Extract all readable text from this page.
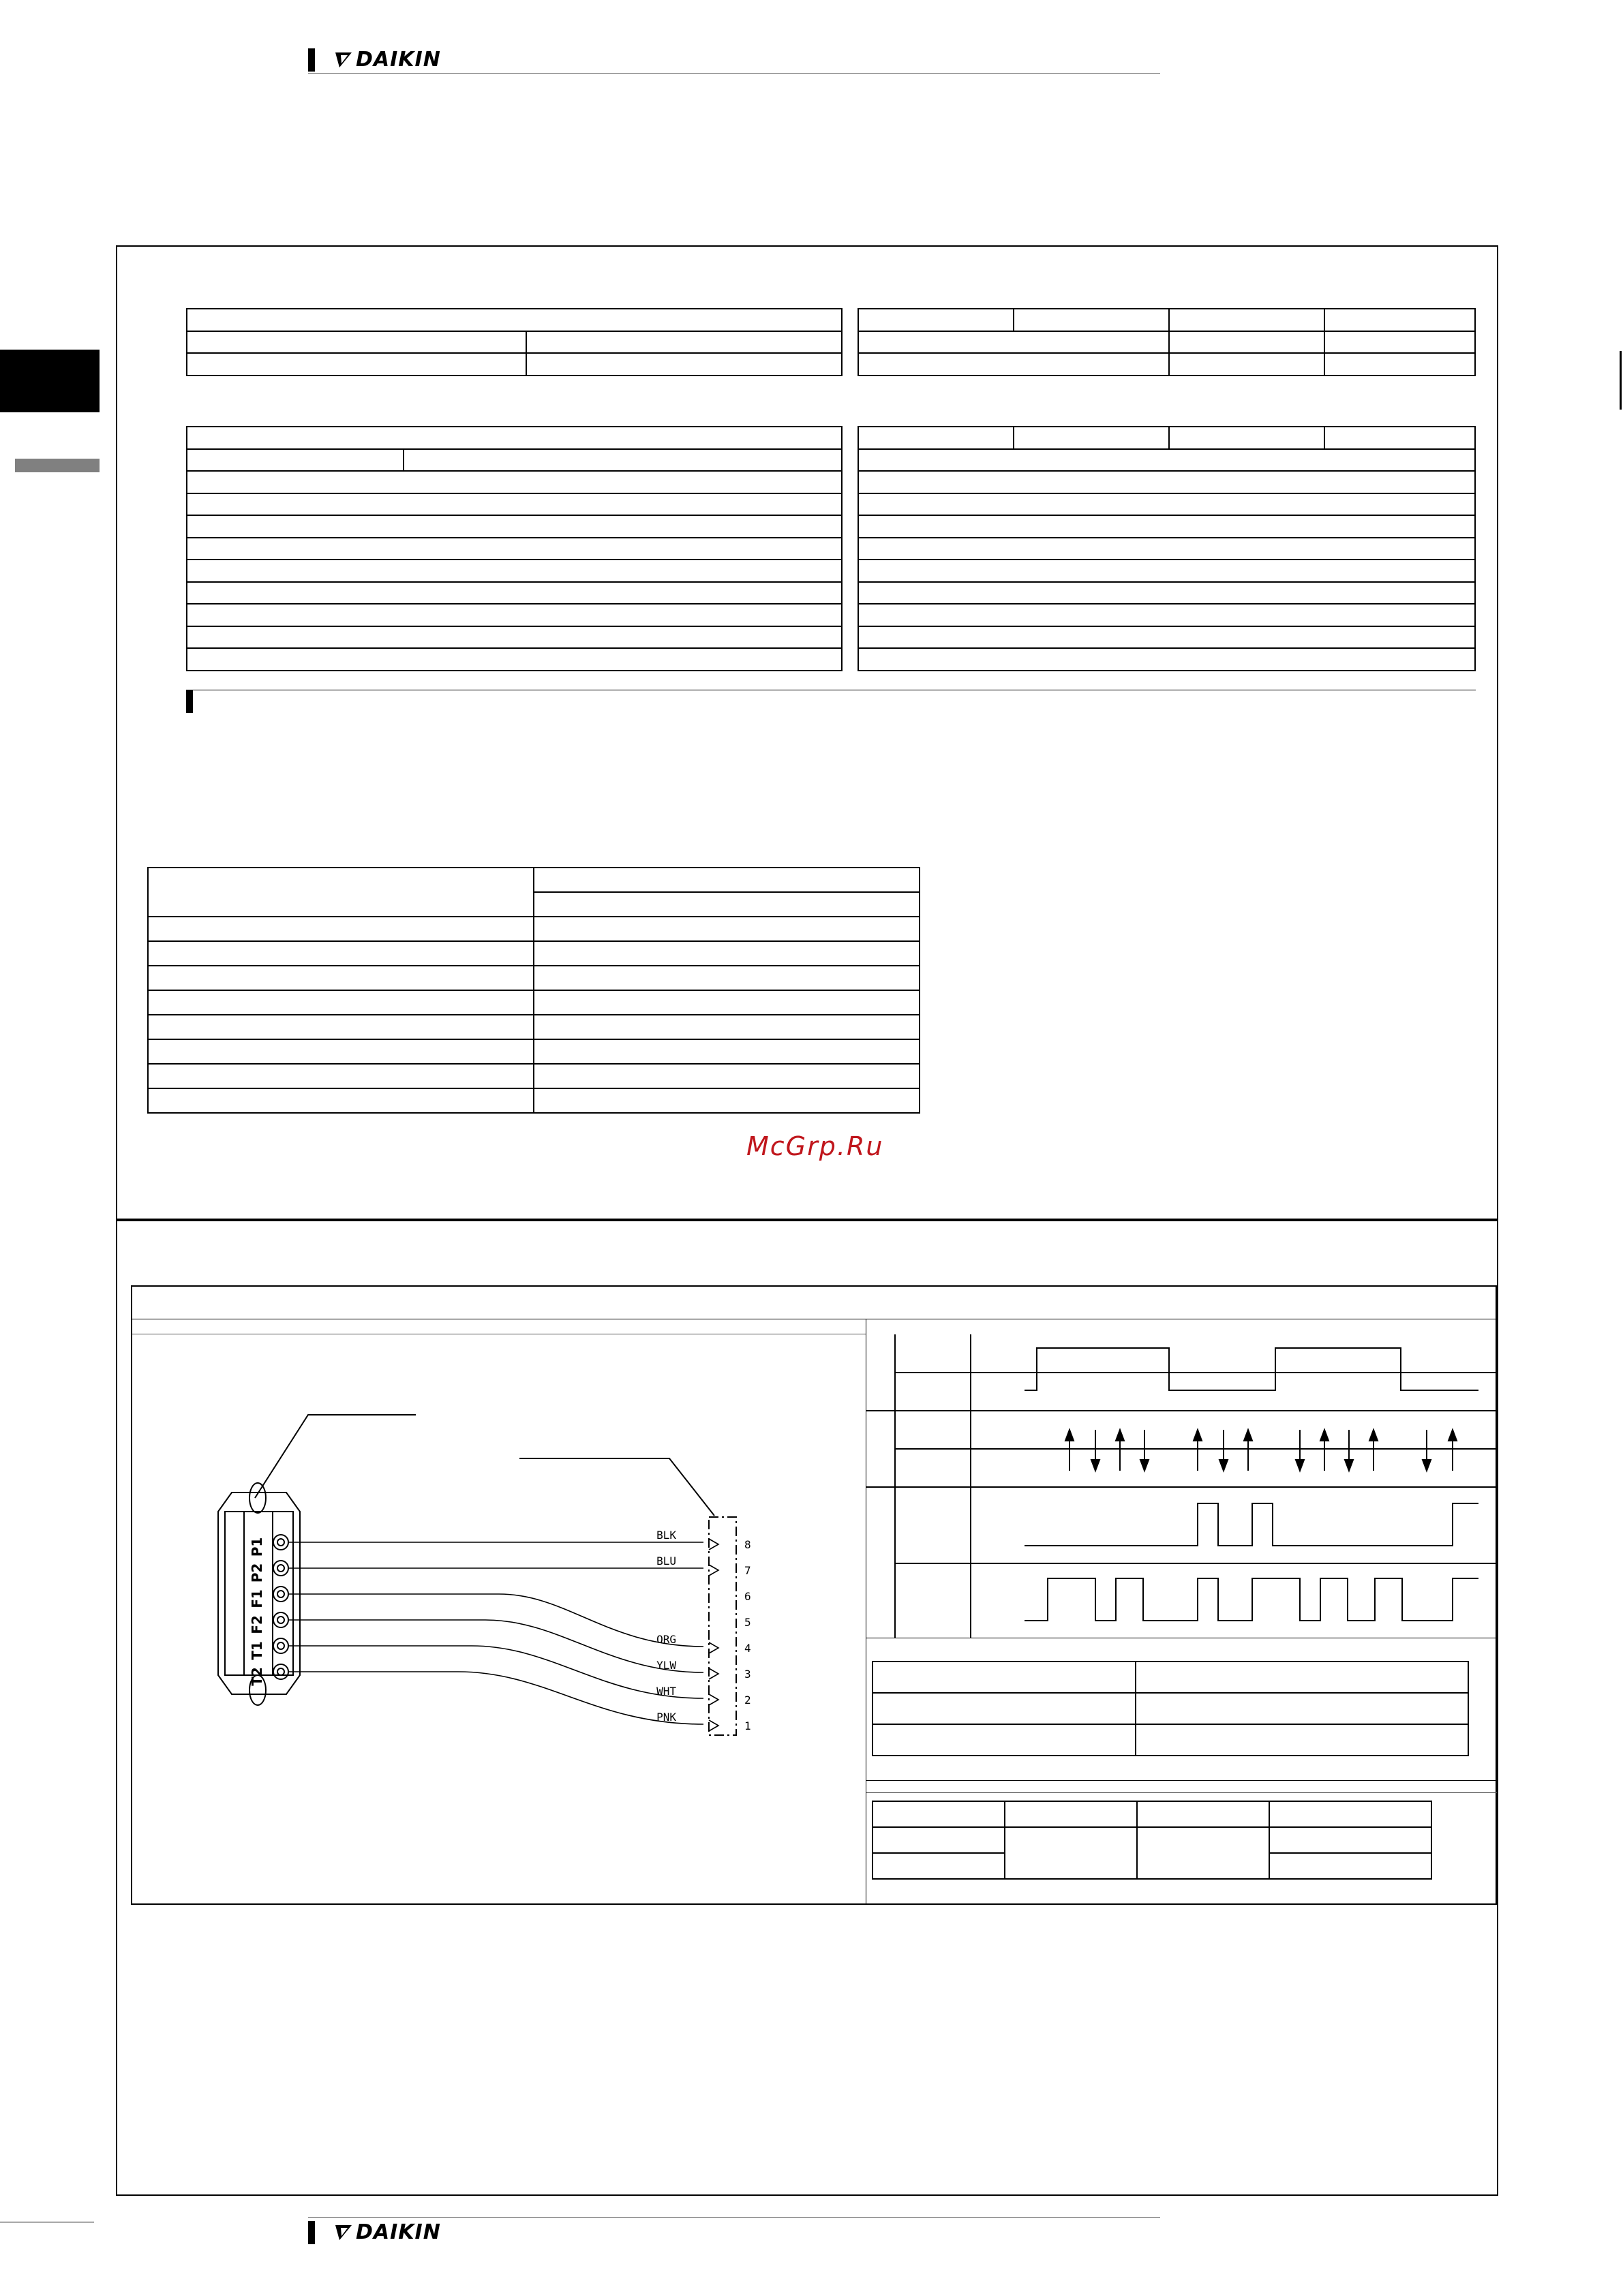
DAIKIN

McGrp.Ru
P1
P2
F1
F2
T1
T2
BLK
BLU
ORG
YLW
WHT
PNK
8
7
6
5
4
3
2
1

DAIKIN
